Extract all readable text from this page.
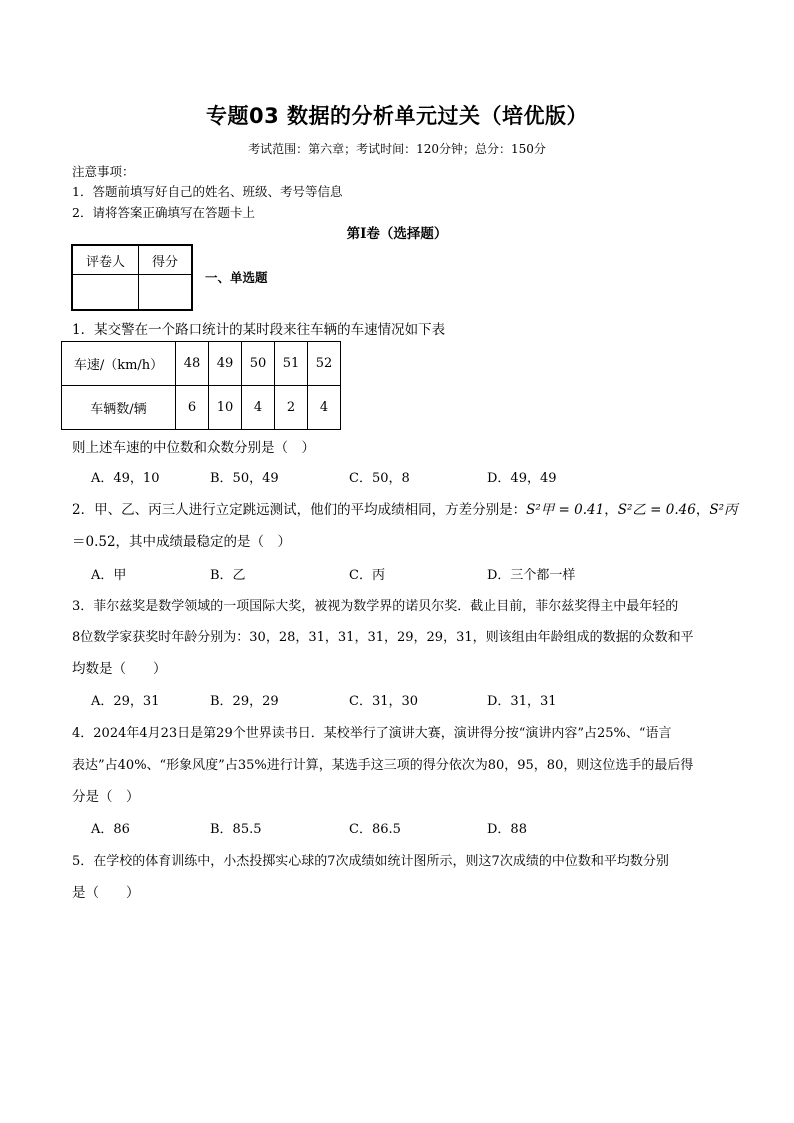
专题03 数据的分析单元过关（培优版）
考试范围：第六章；考试时间：120分钟；总分：150分
注意事项：
1．答题前填写好自己的姓名、班级、考号等信息
2．请将答案正确填写在答题卡上
第I卷（选择题）
评卷人	得分

一、单选题
1．某交警在一个路口统计的某时段来往车辆的车速情况如下表
车速/（km/h）	48	49	50	51	52
车辆数/辆	6	10	4	2	4
则上述车速的中位数和众数分别是（　）
A．49，10	B．50，49	C．50，8	D．49，49
2．甲、乙、丙三人进行立定跳远测试，他们的平均成绩相同，方差分别是：S²甲 = 0.41，S²乙 = 0.46，S²丙
＝0.52，其中成绩最稳定的是（　）
A．甲	B．乙	C．丙	D．三个都一样
3．菲尔兹奖是数学领域的一项国际大奖，被视为数学界的诺贝尔奖．截止目前，菲尔兹奖得主中最年轻的
8位数学家获奖时年龄分别为：30，28，31，31，31，29，29，31，则该组由年龄组成的数据的众数和平
均数是（　　）
A．29，31	B．29，29	C．31，30	D．31，31
4．2024年4月23日是第29个世界读书日．某校举行了演讲大赛，演讲得分按“演讲内容”占25%、“语言
表达”占40%、“形象风度”占35%进行计算，某选手这三项的得分依次为80，95，80，则这位选手的最后得
分是（　）
A．86	B．85.5	C．86.5	D．88
5．在学校的体育训练中，小杰投掷实心球的7次成绩如统计图所示，则这7次成绩的中位数和平均数分别
是（　　）
